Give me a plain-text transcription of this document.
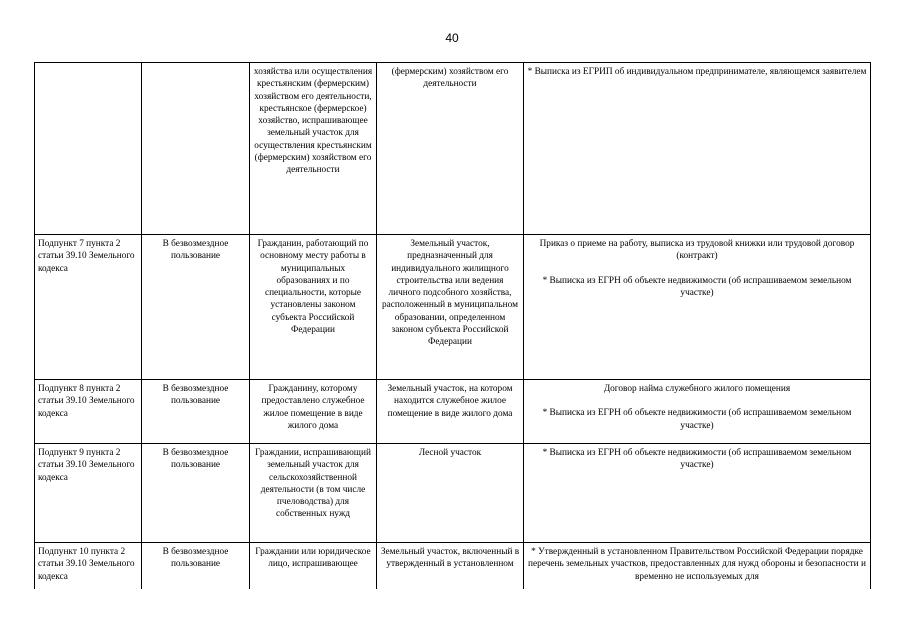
40
		хозяйства или осуществления крестьянским (фермерским) хозяйством его деятельности, крестьянское (фермерское) хозяйство, испрашивающее земельный участок для осуществления крестьянским (фермерским) хозяйством его деятельности	(фермерским) хозяйством его деятельности	* Выписка из ЕГРИП об индивидуальном предпринимателе, являющемся заявителем

Подпункт 7 пункта 2 статьи 39.10 Земельного кодекса	В безвозмездное пользование	Гражданин, работающий по основному месту работы в муниципальных образованиях и по специальности, которые установлены законом субъекта Российской Федерации	Земельный участок, предназначенный для индивидуального жилищного строительства или ведения личного подсобного хозяйства, расположенный в муниципальном образовании, определенном законом субъекта Российской Федерации	Приказ о приеме на работу, выписка из трудовой книжки или трудовой договор (контракт)

* Выписка из ЕГРН об объекте недвижимости (об испрашиваемом земельном участке)

Подпункт 8 пункта 2 статьи 39.10 Земельного кодекса	В безвозмездное пользование	Гражданину, которому предоставлено служебное жилое помещение в виде жилого дома	Земельный участок, на котором находится служебное жилое помещение в виде жилого дома	Договор найма служебного жилого помещения

* Выписка из ЕГРН об объекте недвижимости (об испрашиваемом земельном участке)

Подпункт 9 пункта 2 статьи 39.10 Земельного кодекса	В безвозмездное пользование	Граждании, испрашивающий земельный участок для сельскохозяйственной деятельности (в том числе пчеловодства) для собственных нужд	Лесной участок	* Выписка из ЕГРН об объекте недвижимости (об испрашиваемом земельном участке)

Подпункт 10 пункта 2 статьи 39.10 Земельного кодекса	В безвозмездное пользование	Граждании или юридическое лицо, испрашивающее	Земельный участок, включенный в утвержденный в установленном	* Утвержденный в установленном Правительством Российской Федерации порядке перечень земельных участков, предоставленных для нужд обороны и безопасности и временно не используемых для
